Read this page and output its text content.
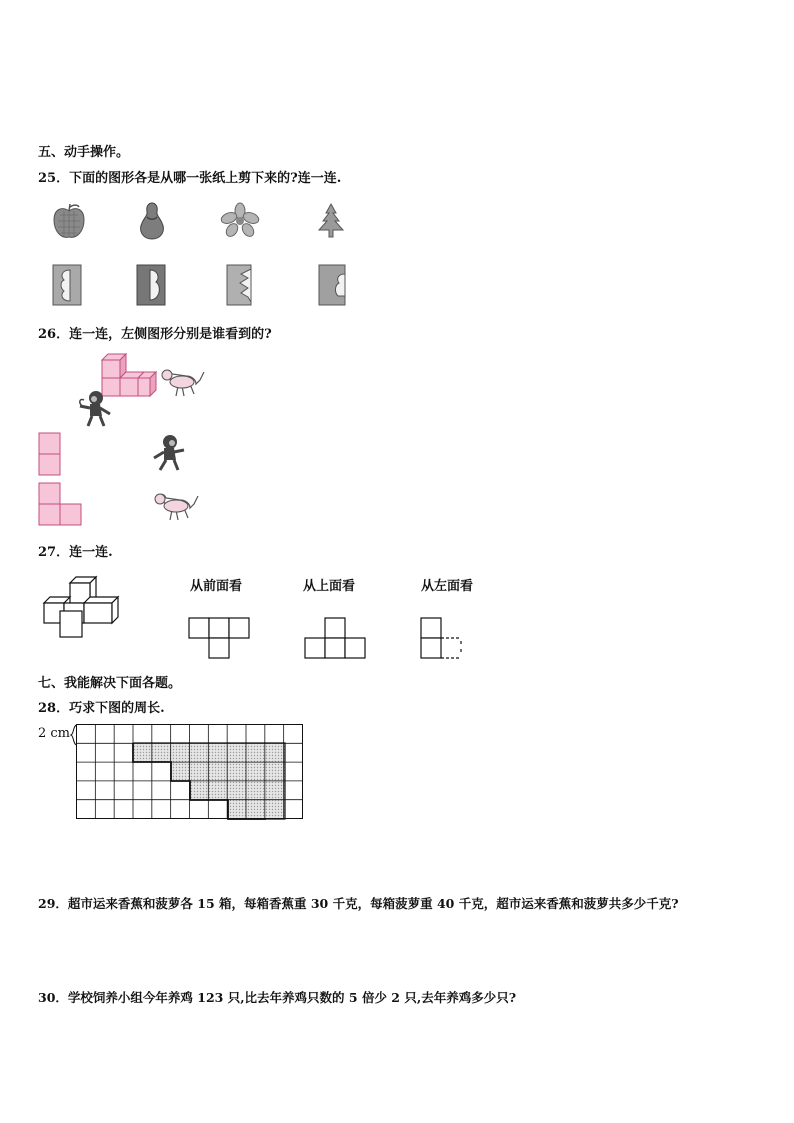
五、动手操作。
25．下面的图形各是从哪一张纸上剪下来的?连一连.
26．连一连，左侧图形分别是谁看到的?
27．连一连.
从前面看	从上面看	从左面看
七、我能解决下面各题。
28．巧求下图的周长.
2 cm
29．超市运来香蕉和菠萝各 15 箱，每箱香蕉重 30 千克，每箱菠萝重 40 千克，超市运来香蕉和菠萝共多少千克?
30．学校饲养小组今年养鸡 123 只,比去年养鸡只数的 5 倍少 2 只,去年养鸡多少只?
